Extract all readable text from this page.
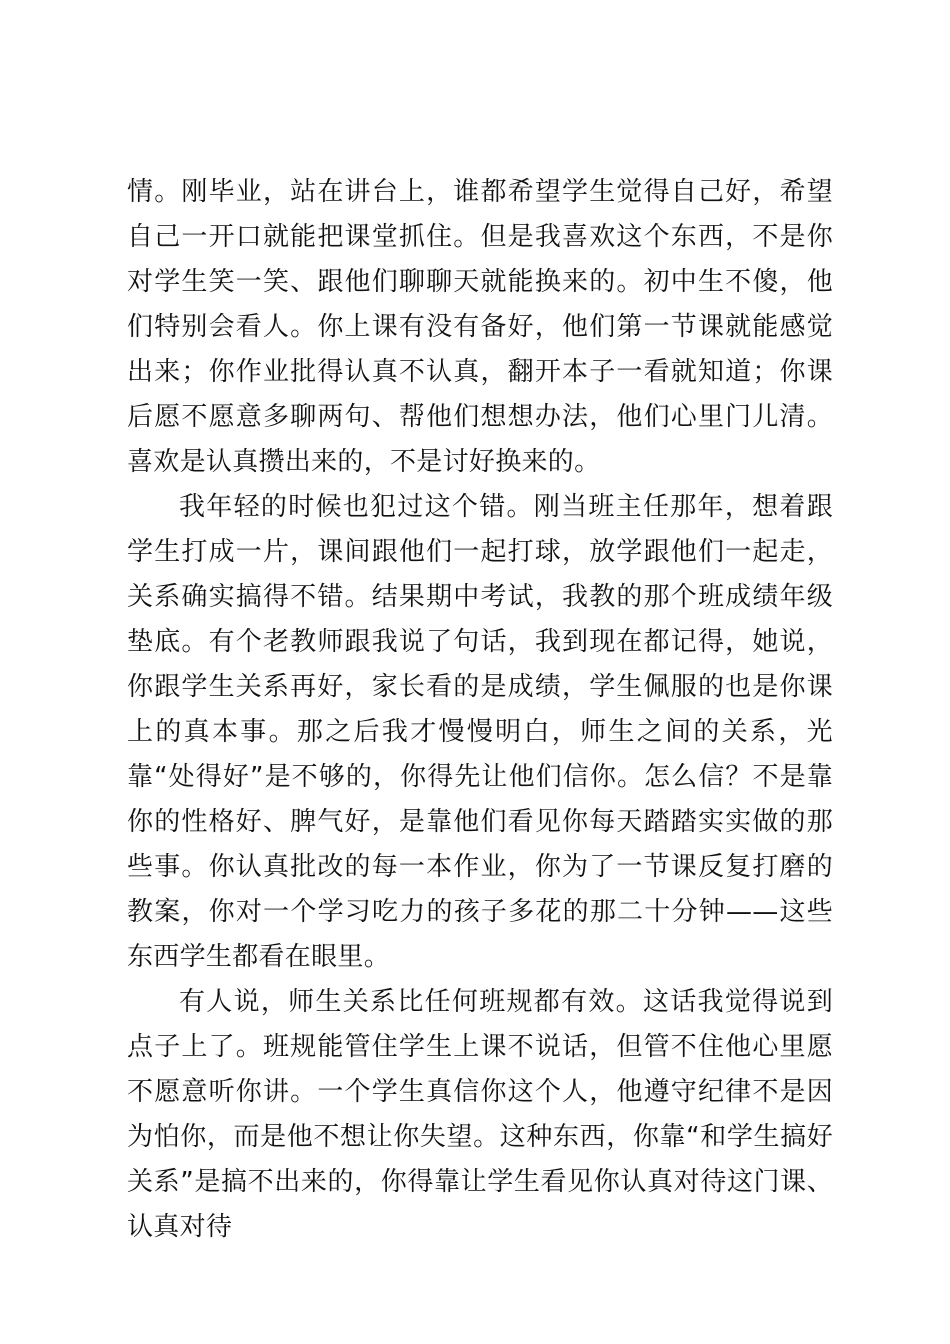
情。刚毕业，站在讲台上，谁都希望学生觉得自己好，希望自己一开口就能把课堂抓住。但是我喜欢这个东西，不是你对学生笑一笑、跟他们聊聊天就能换来的。初中生不傻，他们特别会看人。你上课有没有备好，他们第一节课就能感觉出来；你作业批得认真不认真，翻开本子一看就知道；你课后愿不愿意多聊两句、帮他们想想办法，他们心里门儿清。喜欢是认真攒出来的，不是讨好换来的。

我年轻的时候也犯过这个错。刚当班主任那年，想着跟学生打成一片，课间跟他们一起打球，放学跟他们一起走，关系确实搞得不错。结果期中考试，我教的那个班成绩年级垫底。有个老教师跟我说了句话，我到现在都记得，她说，你跟学生关系再好，家长看的是成绩，学生佩服的也是你课上的真本事。那之后我才慢慢明白，师生之间的关系，光靠“处得好”是不够的，你得先让他们信你。怎么信？不是靠你的性格好、脾气好，是靠他们看见你每天踏踏实实做的那些事。你认真批改的每一本作业，你为了一节课反复打磨的教案，你对一个学习吃力的孩子多花的那二十分钟——这些东西学生都看在眼里。

有人说，师生关系比任何班规都有效。这话我觉得说到点子上了。班规能管住学生上课不说话，但管不住他心里愿不愿意听你讲。一个学生真信你这个人，他遵守纪律不是因为怕你，而是他不想让你失望。这种东西，你靠“和学生搞好关系”是搞不出来的，你得靠让学生看见你认真对待这门课、认真对待
